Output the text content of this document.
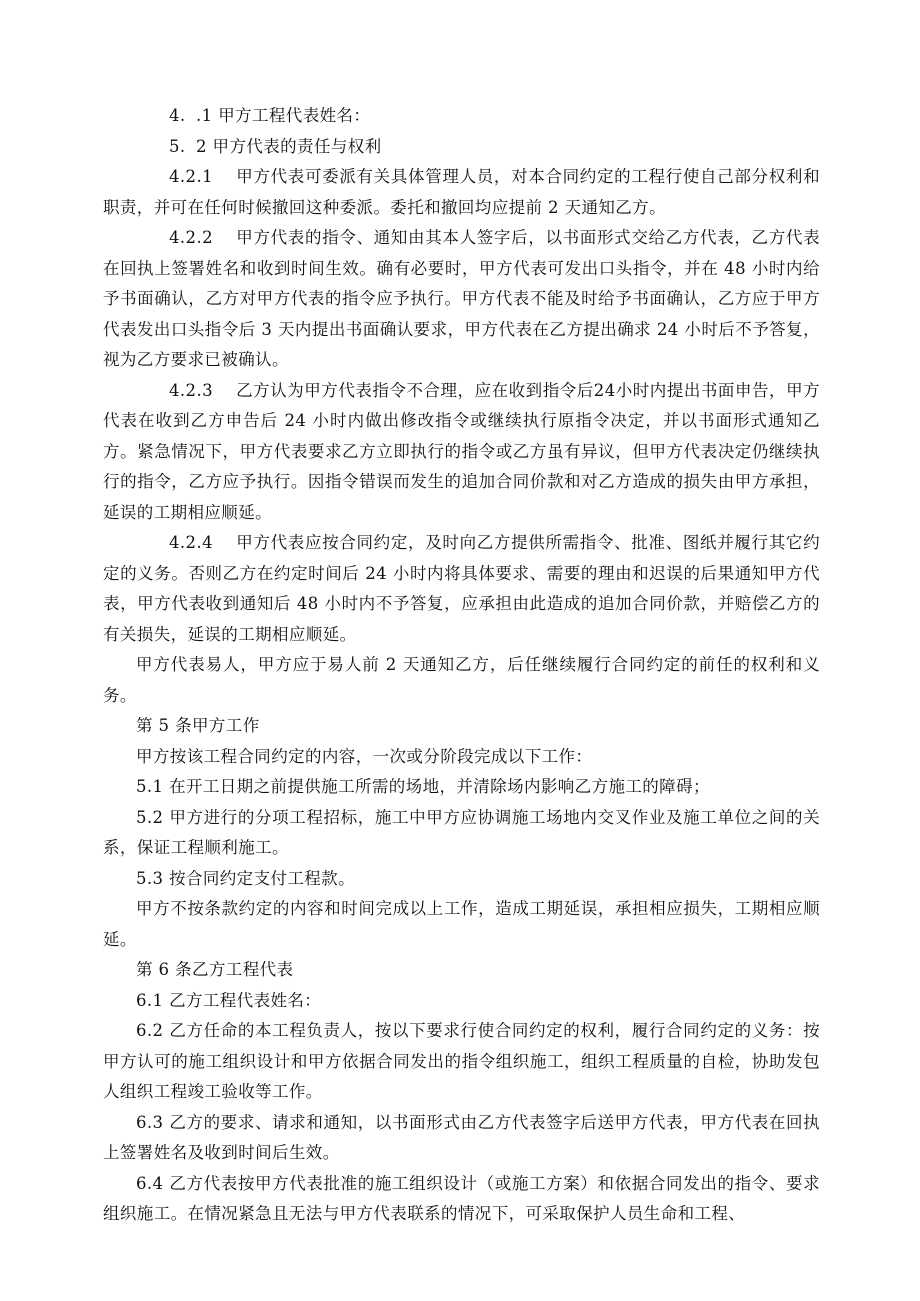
4. .1 甲方工程代表姓名：

5. 2 甲方代表的责任与权利

4.2.1 甲方代表可委派有关具体管理人员，对本合同约定的工程行使自己部分权利和职责，并可在任何时候撤回这种委派。委托和撤回均应提前 2 天通知乙方。

4.2.2 甲方代表的指令、通知由其本人签字后，以书面形式交给乙方代表，乙方代表在回执上签署姓名和收到时间生效。确有必要时，甲方代表可发出口头指令，并在 48 小时内给予书面确认，乙方对甲方代表的指令应予执行。甲方代表不能及时给予书面确认，乙方应于甲方代表发出口头指令后 3 天内提出书面确认要求，甲方代表在乙方提出确求 24 小时后不予答复，视为乙方要求已被确认。

4.2.3 乙方认为甲方代表指令不合理，应在收到指令后24小时内提出书面申告，甲方代表在收到乙方申告后 24 小时内做出修改指令或继续执行原指令决定，并以书面形式通知乙方。紧急情况下，甲方代表要求乙方立即执行的指令或乙方虽有异议，但甲方代表决定仍继续执行的指令，乙方应予执行。因指令错误而发生的追加合同价款和对乙方造成的损失由甲方承担，延误的工期相应顺延。

4.2.4 甲方代表应按合同约定，及时向乙方提供所需指令、批准、图纸并履行其它约定的义务。否则乙方在约定时间后 24 小时内将具体要求、需要的理由和迟误的后果通知甲方代表，甲方代表收到通知后 48 小时内不予答复，应承担由此造成的追加合同价款，并赔偿乙方的有关损失，延误的工期相应顺延。

甲方代表易人，甲方应于易人前 2 天通知乙方，后任继续履行合同约定的前任的权利和义务。

第 5 条甲方工作

甲方按该工程合同约定的内容，一次或分阶段完成以下工作：

5.1 在开工日期之前提供施工所需的场地，并清除场内影响乙方施工的障碍；

5.2 甲方进行的分项工程招标，施工中甲方应协调施工场地内交叉作业及施工单位之间的关系，保证工程顺利施工。

5.3 按合同约定支付工程款。

甲方不按条款约定的内容和时间完成以上工作，造成工期延误，承担相应损失，工期相应顺延。

第 6 条乙方工程代表

6.1 乙方工程代表姓名：

6.2 乙方任命的本工程负责人，按以下要求行使合同约定的权利，履行合同约定的义务：按甲方认可的施工组织设计和甲方依据合同发出的指令组织施工，组织工程质量的自检，协助发包人组织工程竣工验收等工作。

6.3 乙方的要求、请求和通知，以书面形式由乙方代表签字后送甲方代表，甲方代表在回执上签署姓名及收到时间后生效。

6.4 乙方代表按甲方代表批准的施工组织设计（或施工方案）和依据合同发出的指令、要求组织施工。在情况紧急且无法与甲方代表联系的情况下，可采取保护人员生命和工程、
